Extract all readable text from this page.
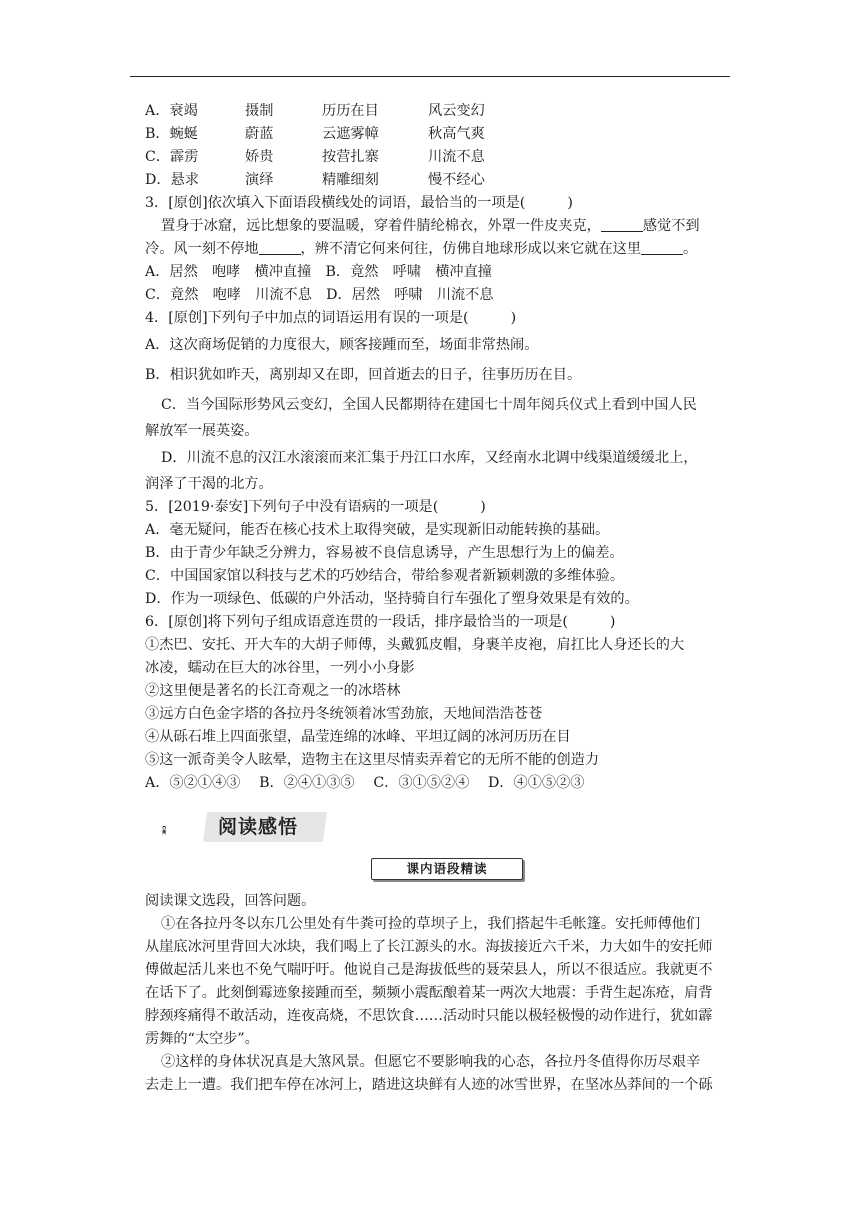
A．衰竭	摄制	历历在目	风云变幻
B．蜿蜒	蔚蓝	云遮雾幛	秋高气爽
C．霹雳	娇贵	按营扎寨	川流不息
D．悬求	演绎	精雕细刻	慢不经心
3．[原创]依次填入下面语段横线处的词语，最恰当的一项是(	)
置身于冰窟，远比想象的要温暖，穿着件腈纶棉衣，外罩一件皮夹克，	感觉不到
冷。风一刻不停地	，辨不清它何来何往，仿佛自地球形成以来它就在这里	。
A．居然　咆哮　横冲直撞　B．竟然　呼啸　横冲直撞
C．竟然　咆哮　川流不息　D．居然　呼啸　川流不息
4．[原创]下列句子中加点的词语运用有误的一项是(	)
A．这次商场促销的力度很大，顾客接踵而至，场面非常热闹。
B．相识犹如昨天，离别却又在即，回首逝去的日子，往事历历在目。
C．当今国际形势风云变幻，全国人民都期待在建国七十周年阅兵仪式上看到中国人民
解放军一展英姿。
D．川流不息的汉江水滚滚而来汇集于丹江口水库，又经南水北调中线渠道缓缓北上，
润泽了干渴的北方。
5．[2019·泰安]下列句子中没有语病的一项是(	)
A．毫无疑问，能否在核心技术上取得突破，是实现新旧动能转换的基础。
B．由于青少年缺乏分辨力，容易被不良信息诱导，产生思想行为上的偏差。
C．中国国家馆以科技与艺术的巧妙结合，带给参观者新颖刺激的多维体验。
D．作为一项绿色、低碳的户外活动，坚持骑自行车强化了塑身效果是有效的。
6．[原创]将下列句子组成语意连贯的一段话，排序最恰当的一项是(	)
①杰巴、安托、开大车的大胡子师傅，头戴狐皮帽，身裹羊皮袍，肩扛比人身还长的大
冰凌，蠕动在巨大的冰谷里，一列小小身影
②这里便是著名的长江奇观之一的冰塔林
③远方白色金字塔的各拉丹冬统领着冰雪劲旅，天地间浩浩苍苍
④从砾石堆上四面张望，晶莹连绵的冰峰、平坦辽阔的冰河历历在目
⑤这一派奇美令人眩晕，造物主在这里尽情卖弄着它的无所不能的创造力
A．⑤②①④③　 B．②④①③⑤　 C．③①⑤②④　 D．④①⑤②③
阅读感悟
课内语段精读
阅读课文选段，回答问题。
①在各拉丹冬以东几公里处有牛粪可捡的草坝子上，我们搭起牛毛帐篷。安托师傅他们
从崖底冰河里背回大冰块，我们喝上了长江源头的水。海拔接近六千米，力大如牛的安托师
傅做起活儿来也不免气喘吁吁。他说自己是海拔低些的聂荣县人，所以不很适应。我就更不
在话下了。此刻倒霉迹象接踵而至，频频小震酝酿着某一两次大地震：手背生起冻疮，肩背
脖颈疼痛得不敢活动，连夜高烧，不思饮食……活动时只能以极轻极慢的动作进行，犹如霹
雳舞的“太空步”。
②这样的身体状况真是大煞风景。但愿它不要影响我的心态，各拉丹冬值得你历尽艰辛
去走上一遭。我们把车停在冰河上，踏进这块鲜有人迹的冰雪世界，在坚冰丛莽间的一个砾
